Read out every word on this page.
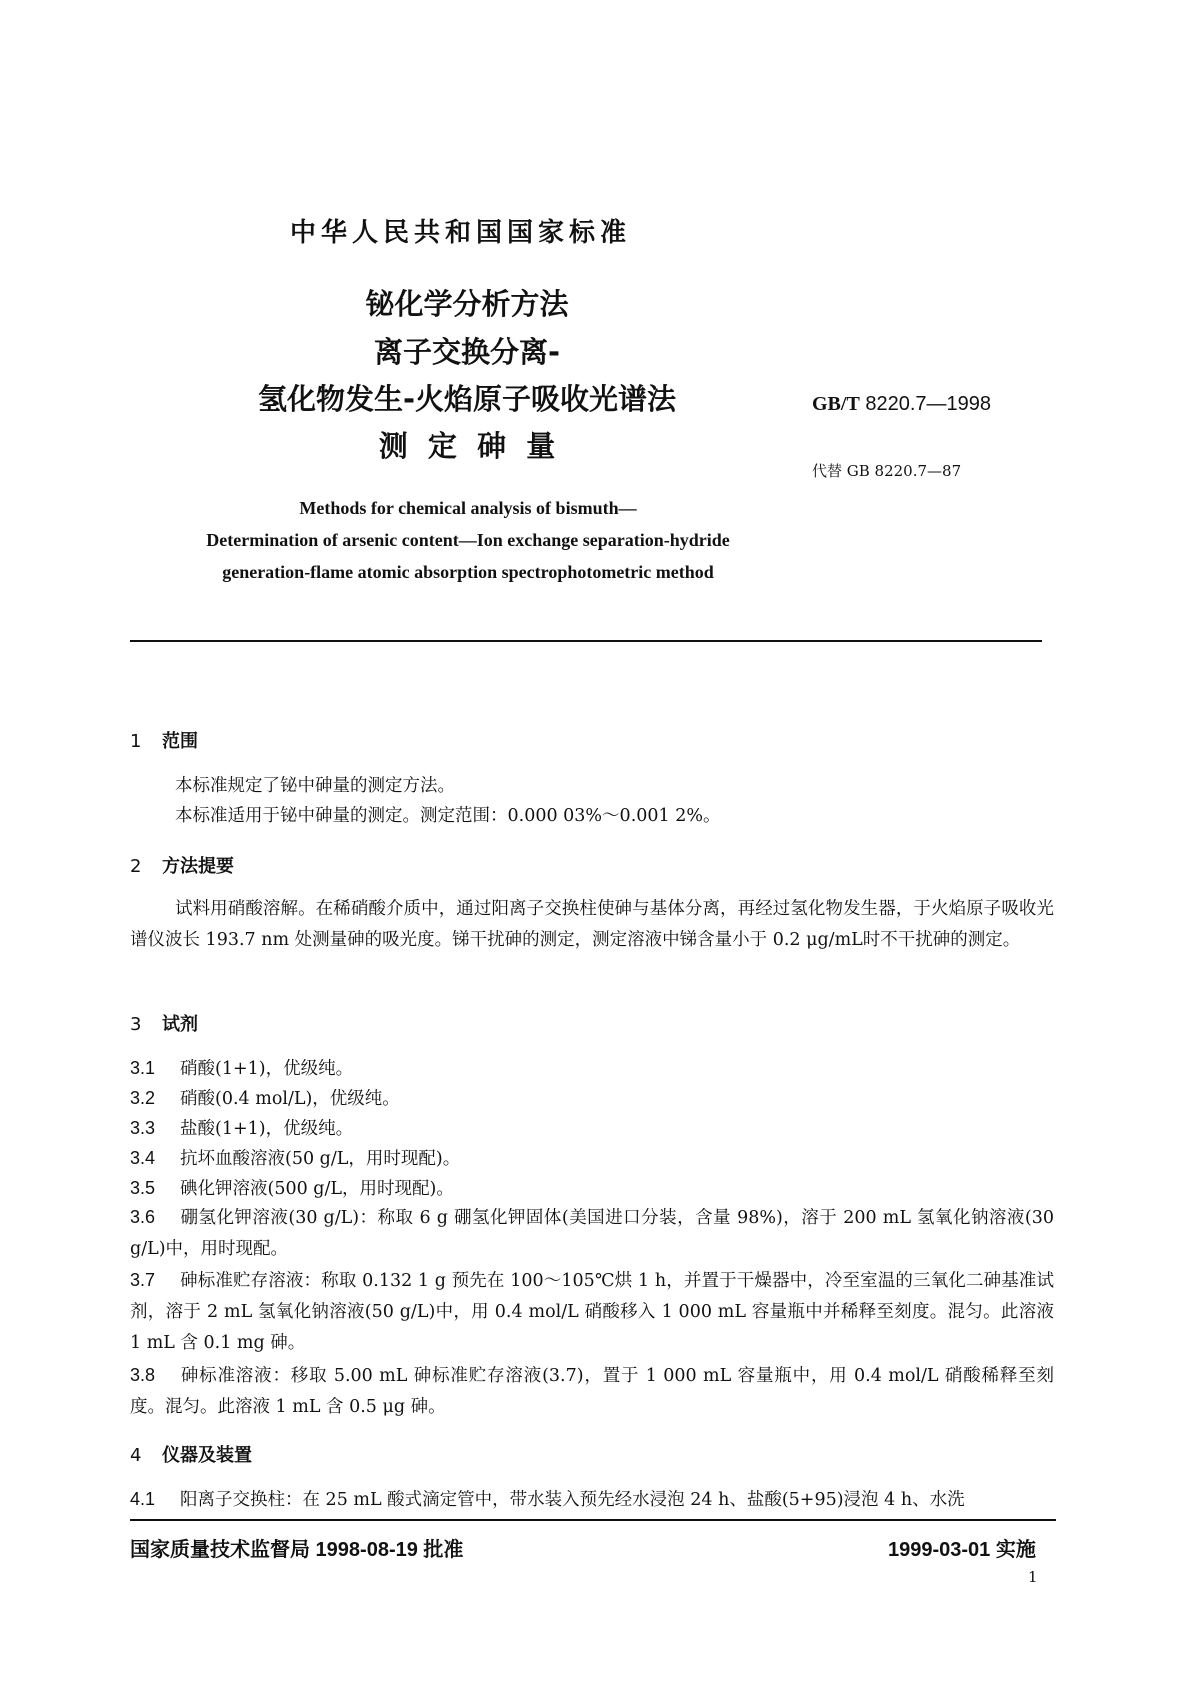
中华人民共和国国家标准
铋化学分析方法
离子交换分离-
氢化物发生-火焰原子吸收光谱法
测  定  砷  量
GB/T 8220.7—1998
代替 GB 8220.7—87
Methods for chemical analysis of bismuth—
Determination of arsenic content—Ion exchange separation-hydride
generation-flame atomic absorption spectrophotometric method
1 范围
本标准规定了铋中砷量的测定方法。
本标准适用于铋中砷量的测定。测定范围：0.000 03%～0.001 2%。
2 方法提要
试料用硝酸溶解。在稀硝酸介质中，通过阳离子交换柱使砷与基体分离，再经过氢化物发生器，于火焰原子吸收光谱仪波长 193.7 nm 处测量砷的吸光度。锑干扰砷的测定，测定溶液中锑含量小于 0.2 μg/mL时不干扰砷的测定。
3 试剂
3.1 硝酸(1+1)，优级纯。
3.2 硝酸(0.4 mol/L)，优级纯。
3.3 盐酸(1+1)，优级纯。
3.4 抗坏血酸溶液(50 g/L，用时现配)。
3.5 碘化钾溶液(500 g/L，用时现配)。
3.6 硼氢化钾溶液(30 g/L)：称取 6 g 硼氢化钾固体(美国进口分装，含量 98%)，溶于 200 mL 氢氧化钠溶液(30 g/L)中，用时现配。
3.7 砷标准贮存溶液：称取 0.132 1 g 预先在 100～105℃烘 1 h，并置于干燥器中，冷至室温的三氧化二砷基准试剂，溶于 2 mL 氢氧化钠溶液(50 g/L)中，用 0.4 mol/L 硝酸移入 1 000 mL 容量瓶中并稀释至刻度。混匀。此溶液 1 mL 含 0.1 mg 砷。
3.8 砷标准溶液：移取 5.00 mL 砷标准贮存溶液(3.7)，置于 1 000 mL 容量瓶中，用 0.4 mol/L 硝酸稀释至刻度。混匀。此溶液 1 mL 含 0.5 μg 砷。
4 仪器及装置
4.1 阳离子交换柱：在 25 mL 酸式滴定管中，带水装入预先经水浸泡 24 h、盐酸(5+95)浸泡 4 h、水洗
国家质量技术监督局 1998-08-19 批准	1999-03-01 实施
1
